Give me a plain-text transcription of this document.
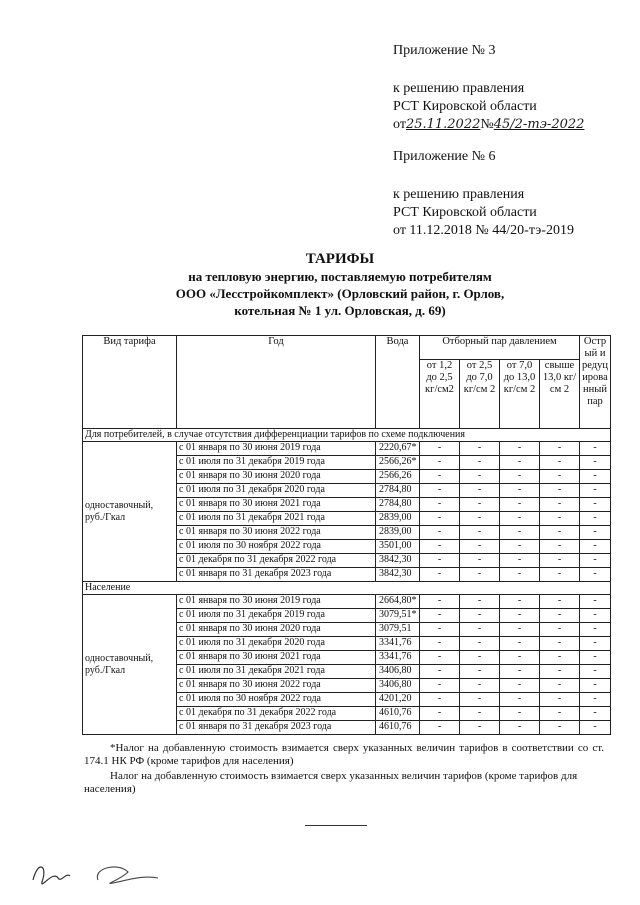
Приложение № 3
к решению правления
РСТ Кировской области
от25.11.2022№45/2-тэ-2022
Приложение № 6
к решению правления
РСТ Кировской области
от 11.12.2018 № 44/20-тэ-2019
ТАРИФЫ
на тепловую энергию, поставляемую потребителям
ООО «Лесстройкомплект» (Орловский район, г. Орлов,
котельная № 1 ул. Орловская, д. 69)
Вид тарифа	Год	Вода	Отборный пар давлением				Острый и редуцированный пар
			от 1,2 до 2,5 кг/см2	от 2,5 до 7,0 кг/см 2	от 7,0 до 13,0 кг/см 2	свыше 13,0 кг/см 2	
Для потребителей, в случае отсутствия дифференциации тарифов по схеме подключения							
одноставочный, руб./Гкал	с 01 января по 30 июня 2019 года	2220,67*	-	-	-	-	-
	с 01 июля по 31 декабря 2019 года	2566,26*	-	-	-	-	-
	с 01 января по 30 июня 2020 года	2566,26	-	-	-	-	-
	с 01 июля по 31 декабря 2020 года	2784,80	-	-	-	-	-
	с 01 января по 30 июня 2021 года	2784,80	-	-	-	-	-
	с 01 июля по 31 декабря 2021 года	2839,00	-	-	-	-	-
	с 01 января по 30 июня 2022 года	2839,00	-	-	-	-	-
	с 01 июля по 30 ноября 2022 года	3501,00	-	-	-	-	-
	с 01 декабря по 31 декабря 2022 года	3842,30	-	-	-	-	-
	с 01 января по 31 декабря 2023 года	3842,30	-	-	-	-	-
Население							
одноставочный, руб./Гкал	с 01 января по 30 июня 2019 года	2664,80*	-	-	-	-	-
	с 01 июля по 31 декабря 2019 года	3079,51*	-	-	-	-	-
	с 01 января по 30 июня 2020 года	3079,51	-	-	-	-	-
	с 01 июля по 31 декабря 2020 года	3341,76	-	-	-	-	-
	с 01 января по 30 июня 2021 года	3341,76	-	-	-	-	-
	с 01 июля по 31 декабря 2021 года	3406,80	-	-	-	-	-
	с 01 января по 30 июня 2022 года	3406,80	-	-	-	-	-
	с 01 июля по 30 ноября 2022 года	4201,20	-	-	-	-	-
	с 01 декабря по 31 декабря 2022 года	4610,76	-	-	-	-	-
	с 01 января по 31 декабря 2023 года	4610,76	-	-	-	-	-
*Налог на добавленную стоимость взимается сверх указанных величин тарифов в соответствии со ст. 174.1 НК РФ (кроме тарифов для населения)
Налог на добавленную стоимость взимается сверх указанных величин тарифов (кроме тарифов для населения)
